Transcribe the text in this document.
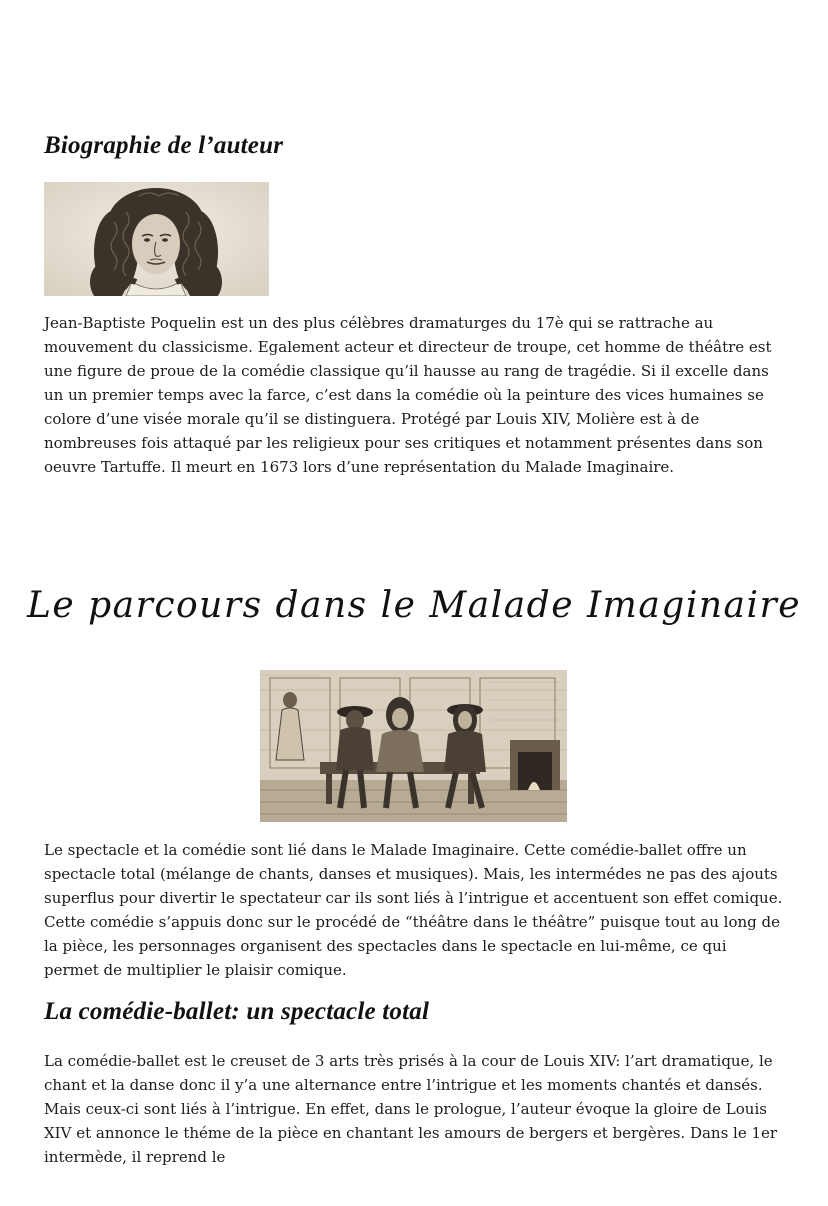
Biographie de l’auteur

Jean-Baptiste Poquelin est un des plus célèbres dramaturges du 17è qui se rattrache au mouvement du classicisme. Egalement acteur et directeur de troupe, cet homme de théâtre est une figure de proue de la comédie classique qu’il hausse au rang de tragédie. Si il excelle dans un un premier temps avec la farce, c’est dans la comédie où la peinture des vices humaines se colore d’une visée morale qu’il se distinguera. Protégé par Louis XIV, Molière est à de nombreuses fois attaqué par les religieux pour ses critiques et notamment présentes dans son oeuvre Tartuffe. Il meurt en 1673 lors d’une représentation du Malade Imaginaire.

Le parcours dans le Malade Imaginaire

Le spectacle et la comédie sont lié dans le Malade Imaginaire. Cette comédie-ballet offre un spectacle total (mélange de chants, danses et musiques). Mais, les intermédes ne pas des ajouts superflus pour divertir le spectateur car ils sont liés à l’intrigue et accentuent son effet comique. Cette comédie s’appuis donc sur le procédé de “théâtre dans le théâtre” puisque tout au long de la pièce, les personnages organisent des spectacles dans le spectacle en lui-même, ce qui permet de multiplier le plaisir comique.

La comédie-ballet: un spectacle total

La comédie-ballet est le creuset de 3 arts très prisés à la cour de Louis XIV: l’art dramatique, le chant et la danse donc il y’a une alternance entre l’intrigue et les moments chantés et dansés. Mais ceux-ci sont liés à l’intrigue. En effet, dans le prologue, l’auteur évoque la gloire de Louis XIV et annonce le théme de la pièce en chantant les amours de bergers et bergères. Dans le 1er intermède, il reprend le
